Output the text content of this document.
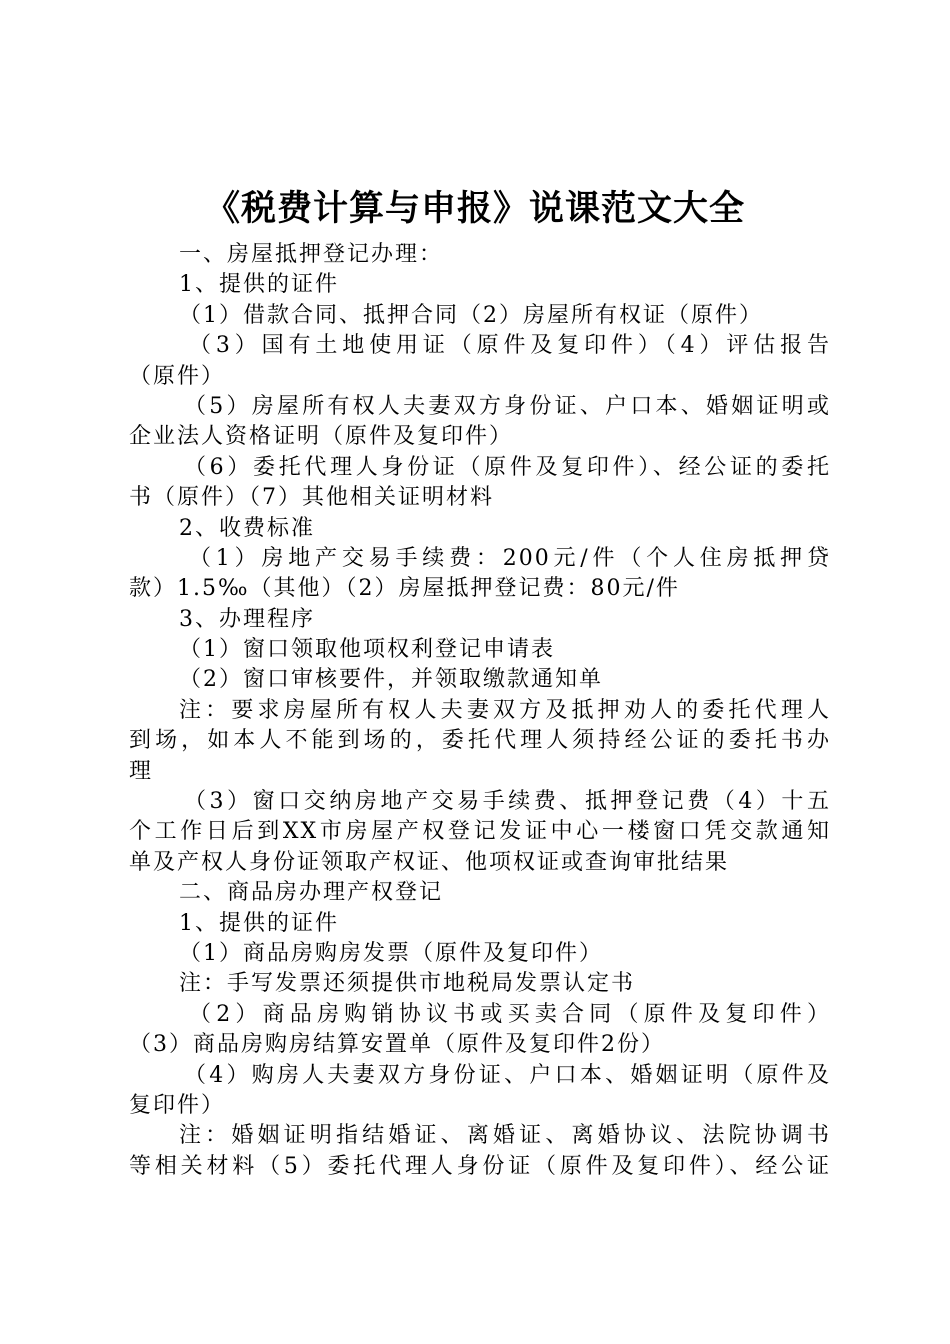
《税费计算与申报》说课范文大全
一、房屋抵押登记办理：
1、提供的证件
（1）借款合同、抵押合同（2）房屋所有权证（原件）
（3）国有土地使用证（原件及复印件）（4）评估报告
（原件）
（5）房屋所有权人夫妻双方身份证、户口本、婚姻证明或
企业法人资格证明（原件及复印件）
（6）委托代理人身份证（原件及复印件）、经公证的委托
书（原件）（7）其他相关证明材料
2、收费标准
（1）房地产交易手续费：200元/件（个人住房抵押贷
款）1.5‰（其他）（2）房屋抵押登记费：80元/件
3、办理程序
（1）窗口领取他项权利登记申请表
（2）窗口审核要件，并领取缴款通知单
注：要求房屋所有权人夫妻双方及抵押劝人的委托代理人
到场，如本人不能到场的，委托代理人须持经公证的委托书办
理
（3）窗口交纳房地产交易手续费、抵押登记费（4）十五
个工作日后到XX市房屋产权登记发证中心一楼窗口凭交款通知
单及产权人身份证领取产权证、他项权证或查询审批结果
二、商品房办理产权登记
1、提供的证件
（1）商品房购房发票（原件及复印件）
注：手写发票还须提供市地税局发票认定书
（2）商品房购销协议书或买卖合同（原件及复印件）
（3）商品房购房结算安置单（原件及复印件2份）
（4）购房人夫妻双方身份证、户口本、婚姻证明（原件及
复印件）
注：婚姻证明指结婚证、离婚证、离婚协议、法院协调书
等相关材料（5）委托代理人身份证（原件及复印件）、经公证
